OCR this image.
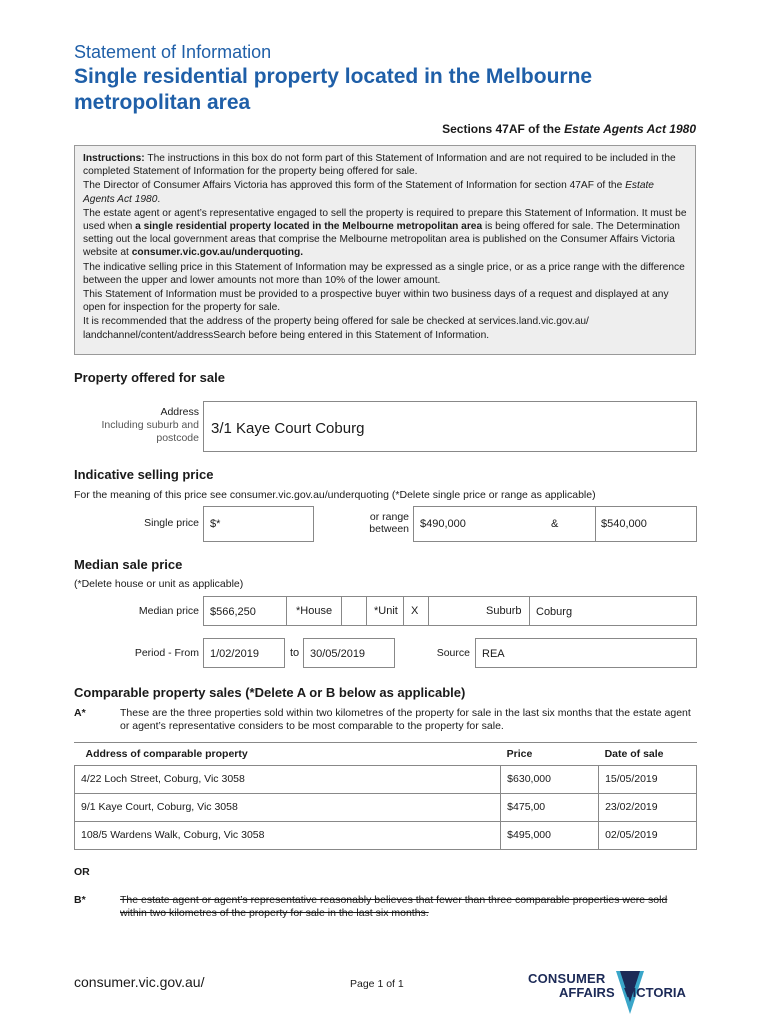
Statement of Information
Single residential property located in the Melbourne metropolitan area
Sections 47AF of the Estate Agents Act 1980

Instructions: The instructions in this box do not form part of this Statement of Information and are not required to be included in the completed Statement of Information for the property being offered for sale.

The Director of Consumer Affairs Victoria has approved this form of the Statement of Information for section 47AF of the Estate Agents Act 1980.

The estate agent or agent’s representative engaged to sell the property is required to prepare this Statement of Information. It must be used when a single residential property located in the Melbourne metropolitan area is being offered for sale. The Determination setting out the local government areas that comprise the Melbourne metropolitan area is published on the Consumer Affairs Victoria website at consumer.vic.gov.au/underquoting.

The indicative selling price in this Statement of Information may be expressed as a single price, or as a price range with the difference between the upper and lower amounts not more than 10% of the lower amount.

This Statement of Information must be provided to a prospective buyer within two business days of a request and displayed at any open for inspection for the property for sale.

It is recommended that the address of the property being offered for sale be checked at services.land.vic.gov.au/ landchannel/content/addressSearch before being entered in this Statement of Information.

Property offered for sale
Address
Including suburb and
postcode
3/1 Kaye Court Coburg
Indicative selling price
For the meaning of this price see consumer.vic.gov.au/underquoting (*Delete single price or range as applicable)
Single price	$*
or range
between $490,000	&	$540,000
Median sale price
(*Delete house or unit as applicable)
Median price $566,250	*House	*Unit X	Suburb Coburg
Period - From	1/02/2019	to 30/05/2019	Source	REA
Comparable property sales (*Delete A or B below as applicable)
A*	These are the three properties sold within two kilometres of the property for sale in the last six months that the estate agent or agent’s representative considers to be most comparable to the property for sale.
Address of comparable property	Price	Date of sale
4/22 Loch Street, Coburg, Vic 3058	$630,000	15/05/2019
9/1 Kaye Court, Coburg, Vic 3058	$475,00	23/02/2019
108/5 Wardens Walk, Coburg, Vic 3058	$495,000	02/05/2019
OR
B*	The estate agent or agent’s representative reasonably believes that fewer than three comparable properties were sold within two kilometres of the property for sale in the last six months.
consumer.vic.gov.au/	Page 1 of 1	CONSUMER
AFFAIRS VICTORIA
